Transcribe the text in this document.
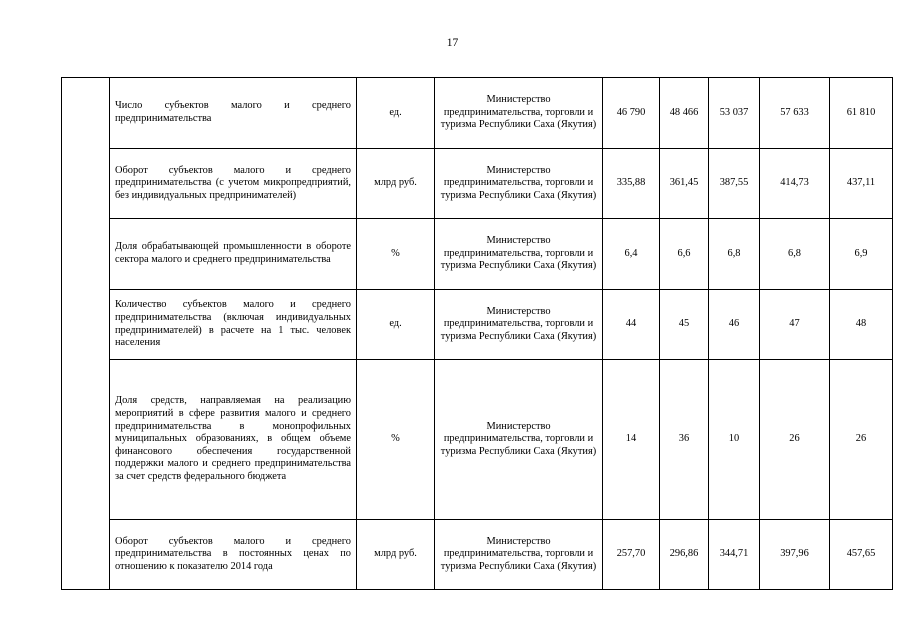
17
	Число субъектов малого и среднего предпринимательства	ед.	Министерство предпринимательства, торговли и туризма Республики Саха (Якутия)	46 790	48 466	53 037	57 633	61 810
	Оборот субъектов малого и среднего предпринимательства (с учетом микропредприятий, без индивидуальных предпринимателей)	млрд руб.	Министерство предпринимательства, торговли и туризма Республики Саха (Якутия)	335,88	361,45	387,55	414,73	437,11
	Доля обрабатывающей промышленности в обороте сектора малого и среднего предпринимательства	%	Министерство предпринимательства, торговли и туризма Республики Саха (Якутия)	6,4	6,6	6,8	6,8	6,9
	Количество субъектов малого и среднего предпринимательства (включая индивидуальных предпринимателей) в расчете на 1 тыс. человек населения	ед.	Министерство предпринимательства, торговли и туризма Республики Саха (Якутия)	44	45	46	47	48
	Доля средств, направляемая на реализацию мероприятий в сфере развития малого и среднего предпринимательства в монопрофильных муниципальных образованиях, в общем объеме финансового обеспечения государственной поддержки малого и среднего предпринимательства за счет средств федерального бюджета	%	Министерство предпринимательства, торговли и туризма Республики Саха (Якутия)	14	36	10	26	26
	Оборот субъектов малого и среднего предпринимательства в постоянных ценах по отношению к показателю 2014 года	млрд руб.	Министерство предпринимательства, торговли и туризма Республики Саха (Якутия)	257,70	296,86	344,71	397,96	457,65
